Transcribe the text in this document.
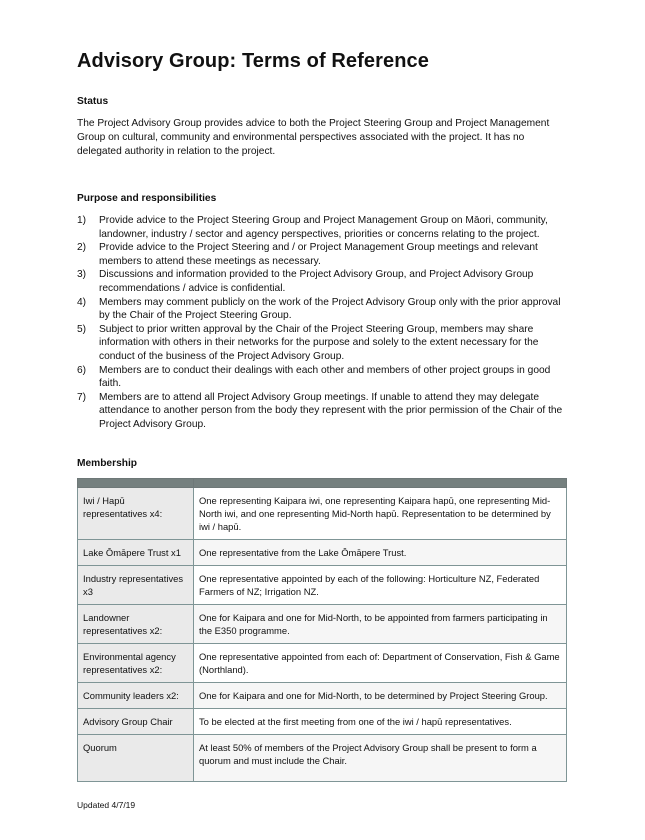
Advisory Group: Terms of Reference

Status

The Project Advisory Group provides advice to both the Project Steering Group and Project Management Group on cultural, community and environmental perspectives associated with the project. It has no delegated authority in relation to the project.

Purpose and responsibilities

1) Provide advice to the Project Steering Group and Project Management Group on Māori, community, landowner, industry / sector and agency perspectives, priorities or concerns relating to the project.
2) Provide advice to the Project Steering and / or Project Management Group meetings and relevant members to attend these meetings as necessary.
3) Discussions and information provided to the Project Advisory Group, and Project Advisory Group recommendations / advice is confidential.
4) Members may comment publicly on the work of the Project Advisory Group only with the prior approval by the Chair of the Project Steering Group.
5) Subject to prior written approval by the Chair of the Project Steering Group, members may share information with others in their networks for the purpose and solely to the extent necessary for the conduct of the business of the Project Advisory Group.
6) Members are to conduct their dealings with each other and members of other project groups in good faith.
7) Members are to attend all Project Advisory Group meetings. If unable to attend they may delegate attendance to another person from the body they represent with the prior permission of the Chair of the Project Advisory Group.

Membership

Iwi / Hapū representatives x4:	One representing Kaipara iwi, one representing Kaipara hapū, one representing Mid-North iwi, and one representing Mid-North hapū. Representation to be determined by iwi / hapū.
Lake Ōmāpere Trust x1	One representative from the Lake Ōmāpere Trust.
Industry representatives x3	One representative appointed by each of the following: Horticulture NZ, Federated Farmers of NZ; Irrigation NZ.
Landowner representatives x2:	One for Kaipara and one for Mid-North, to be appointed from farmers participating in the E350 programme.
Environmental agency representatives x2:	One representative appointed from each of: Department of Conservation, Fish & Game (Northland).
Community leaders x2:	One for Kaipara and one for Mid-North, to be determined by Project Steering Group.
Advisory Group Chair	To be elected at the first meeting from one of the iwi / hapū representatives.
Quorum	At least 50% of members of the Project Advisory Group shall be present to form a quorum and must include the Chair.

Updated 4/7/19
